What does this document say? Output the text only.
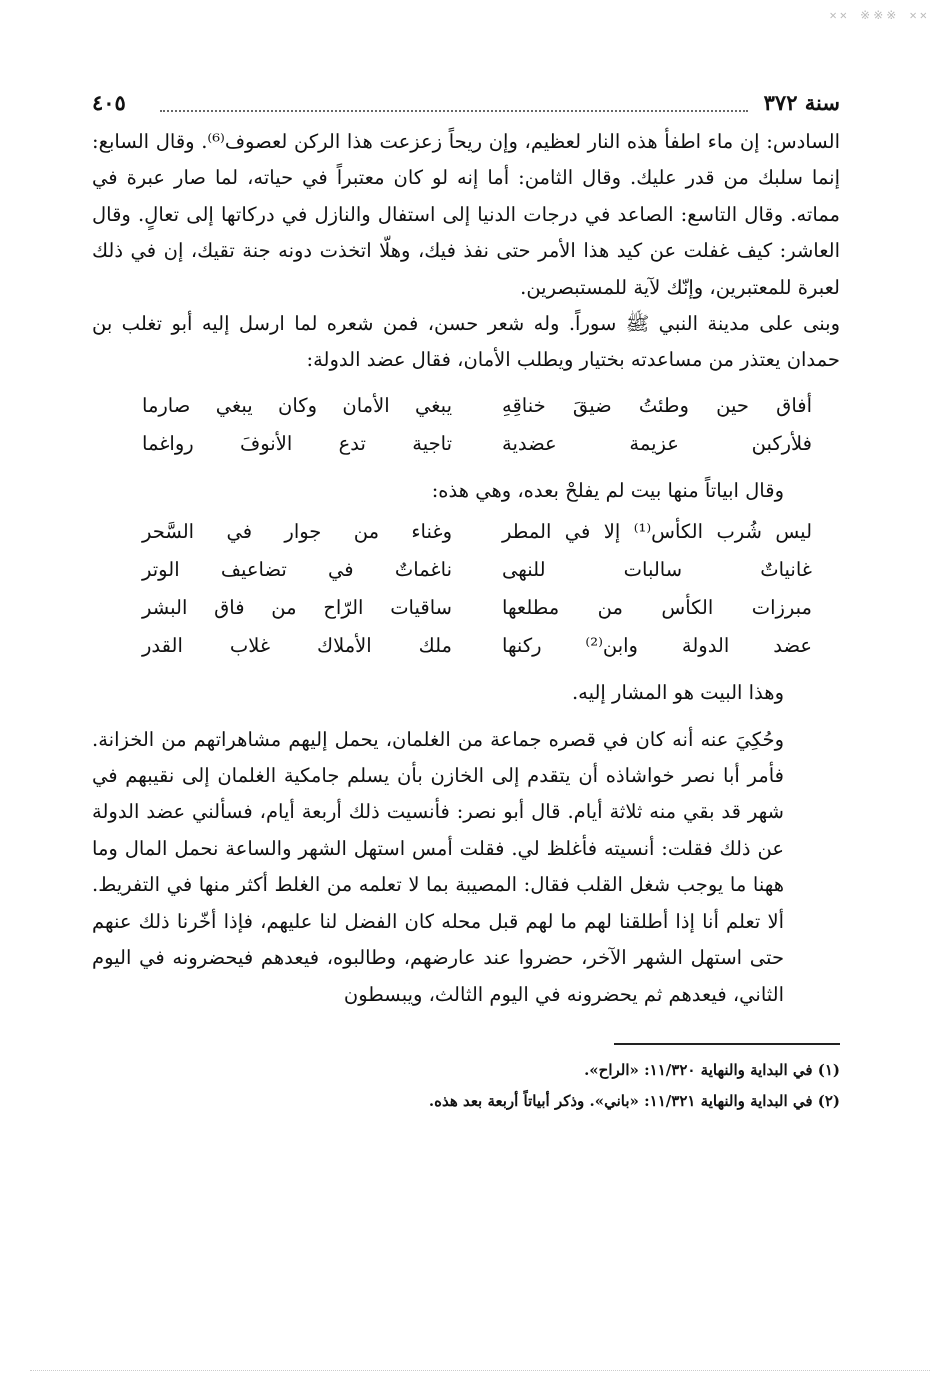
✕✕ ※※※ ✕✕
سنة ٣٧٢
٤٠٥

السادس: إن ماء اطفأ هذه النار لعظيم، وإن ريحاً زعزعت هذا الركن لعصوف⁽⁶⁾. وقال السابع: إنما سلبك من قدر عليك. وقال الثامن: أما إنه لو كان معتبراً في حياته، لما صار عبرة في مماته. وقال التاسع: الصاعد في درجات الدنيا إلى استفال والنازل في دركاتها إلى تعالٍ. وقال العاشر: كيف غفلت عن كيد هذا الأمر حتى نفذ فيك، وهلّا اتخذت دونه جنة تقيك، إن في ذلك لعبرة للمعتبرين، وإنّك لآية للمستبصرين.

وبنى على مدينة النبي ﷺ سوراً. وله شعر حسن، فمن شعره لما ارسل إليه أبو تغلب بن حمدان يعتذر من مساعدته بختيار ويطلب الأمان، فقال عضد الدولة:

أفاق حين وطئتُ ضيقَ خناقِهِ
يبغي الأمان وكان يبغي صارما
فلأركبن عزيمة عضدية
تاجية تدع الأنوفَ رواغما

وقال ابياتاً منها بيت لم يفلحْ بعده، وهي هذه:

ليس شُرب الكأس⁽¹⁾ إلا في المطر
وغناء من جوار في السَّحر
غانياتٌ سالبات للنهى
ناغماتٌ في تضاعيف الوتر
مبرزات الكأس من مطلعها
ساقيات الرّاح من فاق البشر
عضد الدولة وابن⁽²⁾ ركنها
ملك الأملاك غلاب القدر

وهذا البيت هو المشار إليه.

وحُكِيَ عنه أنه كان في قصره جماعة من الغلمان، يحمل إليهم مشاهراتهم من الخزانة. فأمر أبا نصر خواشاذه أن يتقدم إلى الخازن بأن يسلم جامكية الغلمان إلى نقيبهم في شهر قد بقي منه ثلاثة أيام. قال أبو نصر: فأنسيت ذلك أربعة أيام، فسألني عضد الدولة عن ذلك فقلت: أنسيته فأغلظ لي. فقلت أمس استهل الشهر والساعة نحمل المال وما ههنا ما يوجب شغل القلب فقال: المصيبة بما لا تعلمه من الغلط أكثر منها في التفريط. ألا تعلم أنا إذا أطلقنا لهم ما لهم قبل محله كان الفضل لنا عليهم، فإذا أخّرنا ذلك عنهم حتى استهل الشهر الآخر، حضروا عند عارضهم، وطالبوه، فيعدهم فيحضرونه في اليوم الثاني، فيعدهم ثم يحضرونه في اليوم الثالث، ويبسطون

(١) في البداية والنهاية ١١/٣٢٠: «الراح».
(٢) في البداية والنهاية ١١/٣٢١: «باني». وذكر أبياتاً أربعة بعد هذه.
